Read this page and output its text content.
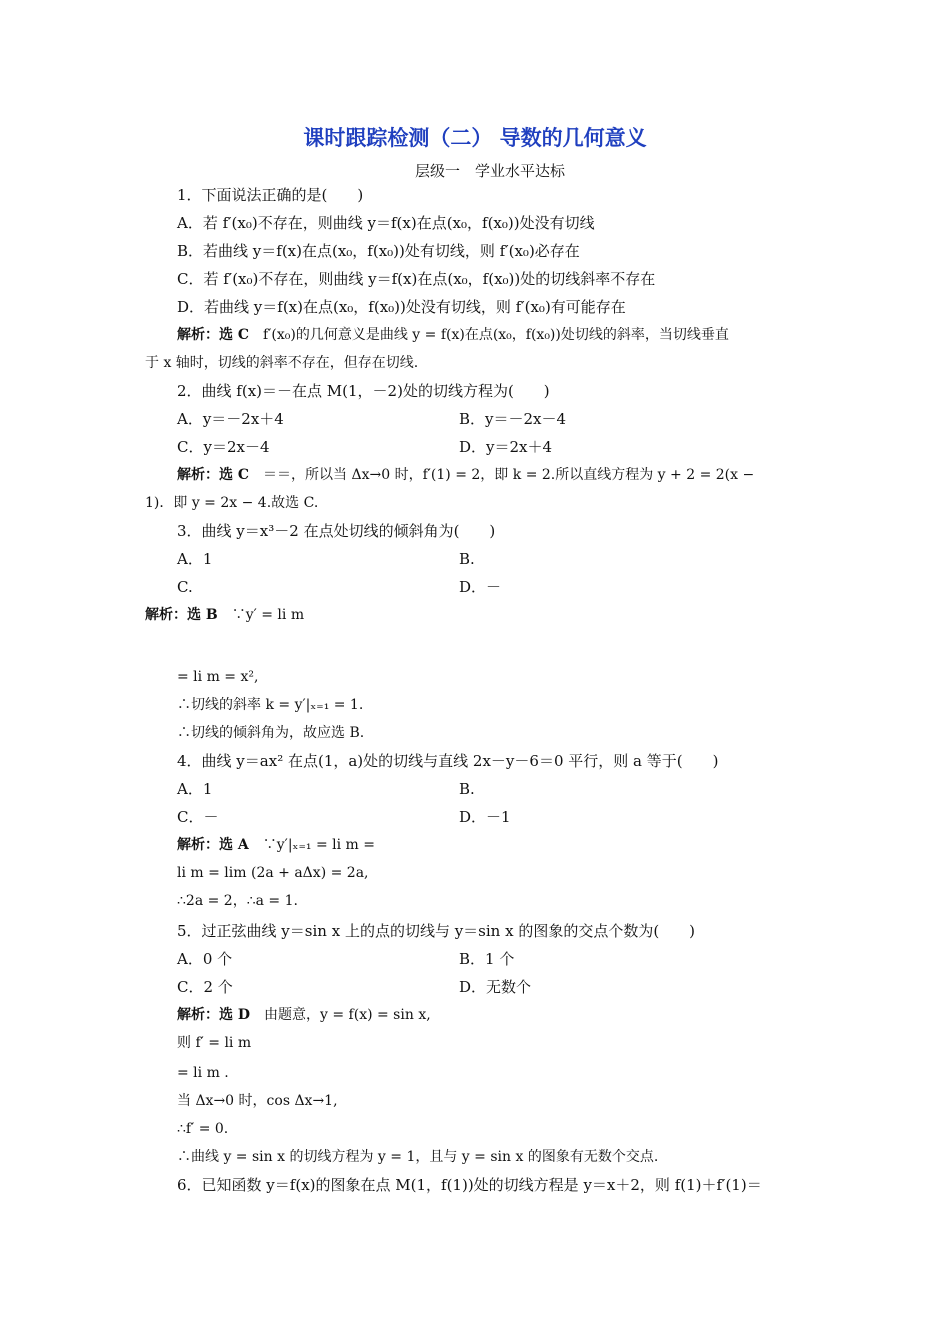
课时跟踪检测（二） 导数的几何意义
层级一　学业水平达标
1．下面说法正确的是(　　)
A．若 f′(x₀)不存在，则曲线 y＝f(x)在点(x₀，f(x₀))处没有切线
B．若曲线 y＝f(x)在点(x₀，f(x₀))处有切线，则 f′(x₀)必存在
C．若 f′(x₀)不存在，则曲线 y＝f(x)在点(x₀，f(x₀))处的切线斜率不存在
D．若曲线 y＝f(x)在点(x₀，f(x₀))处没有切线，则 f′(x₀)有可能存在
解析：选 C　f′(x₀)的几何意义是曲线 y = f(x)在点(x₀，f(x₀))处切线的斜率，当切线垂直
于 x 轴时，切线的斜率不存在，但存在切线.
2．曲线 f(x)＝－在点 M(1，－2)处的切线方程为(　　)
A．y＝－2x＋4	B．y＝－2x－4
C．y＝2x－4	D．y＝2x＋4
解析：选 C　＝＝，所以当 Δx→0 时，f′(1) = 2，即 k = 2.所以直线方程为 y + 2 = 2(x −
1)．即 y = 2x − 4.故选 C.
3．曲线 y＝x³－2 在点处切线的倾斜角为(　　)
A．1	B.
C.	D．－
解析：选 B　∵y′ = li m
= li m = x²,
∴切线的斜率 k = y′|ₓ₌₁ = 1.
∴切线的倾斜角为，故应选 B.
4．曲线 y＝ax² 在点(1，a)处的切线与直线 2x－y－6＝0 平行，则 a 等于(　　)
A．1	B.
C．－	D．－1
解析：选 A　∵y′|ₓ₌₁ = li m =
li m = lim (2a + aΔx) = 2a,
∴2a = 2，∴a = 1.
5．过正弦曲线 y＝sin x 上的点的切线与 y＝sin x 的图象的交点个数为(　　)
A．0 个	B．1 个
C．2 个	D．无数个
解析：选 D　由题意，y = f(x) = sin x,
则 f′ = li m
= li m .
当 Δx→0 时，cos Δx→1,
∴f′ = 0.
∴曲线 y = sin x 的切线方程为 y = 1，且与 y = sin x 的图象有无数个交点.
6．已知函数 y＝f(x)的图象在点 M(1，f(1))处的切线方程是 y＝x＋2，则 f(1)＋f′(1)＝
